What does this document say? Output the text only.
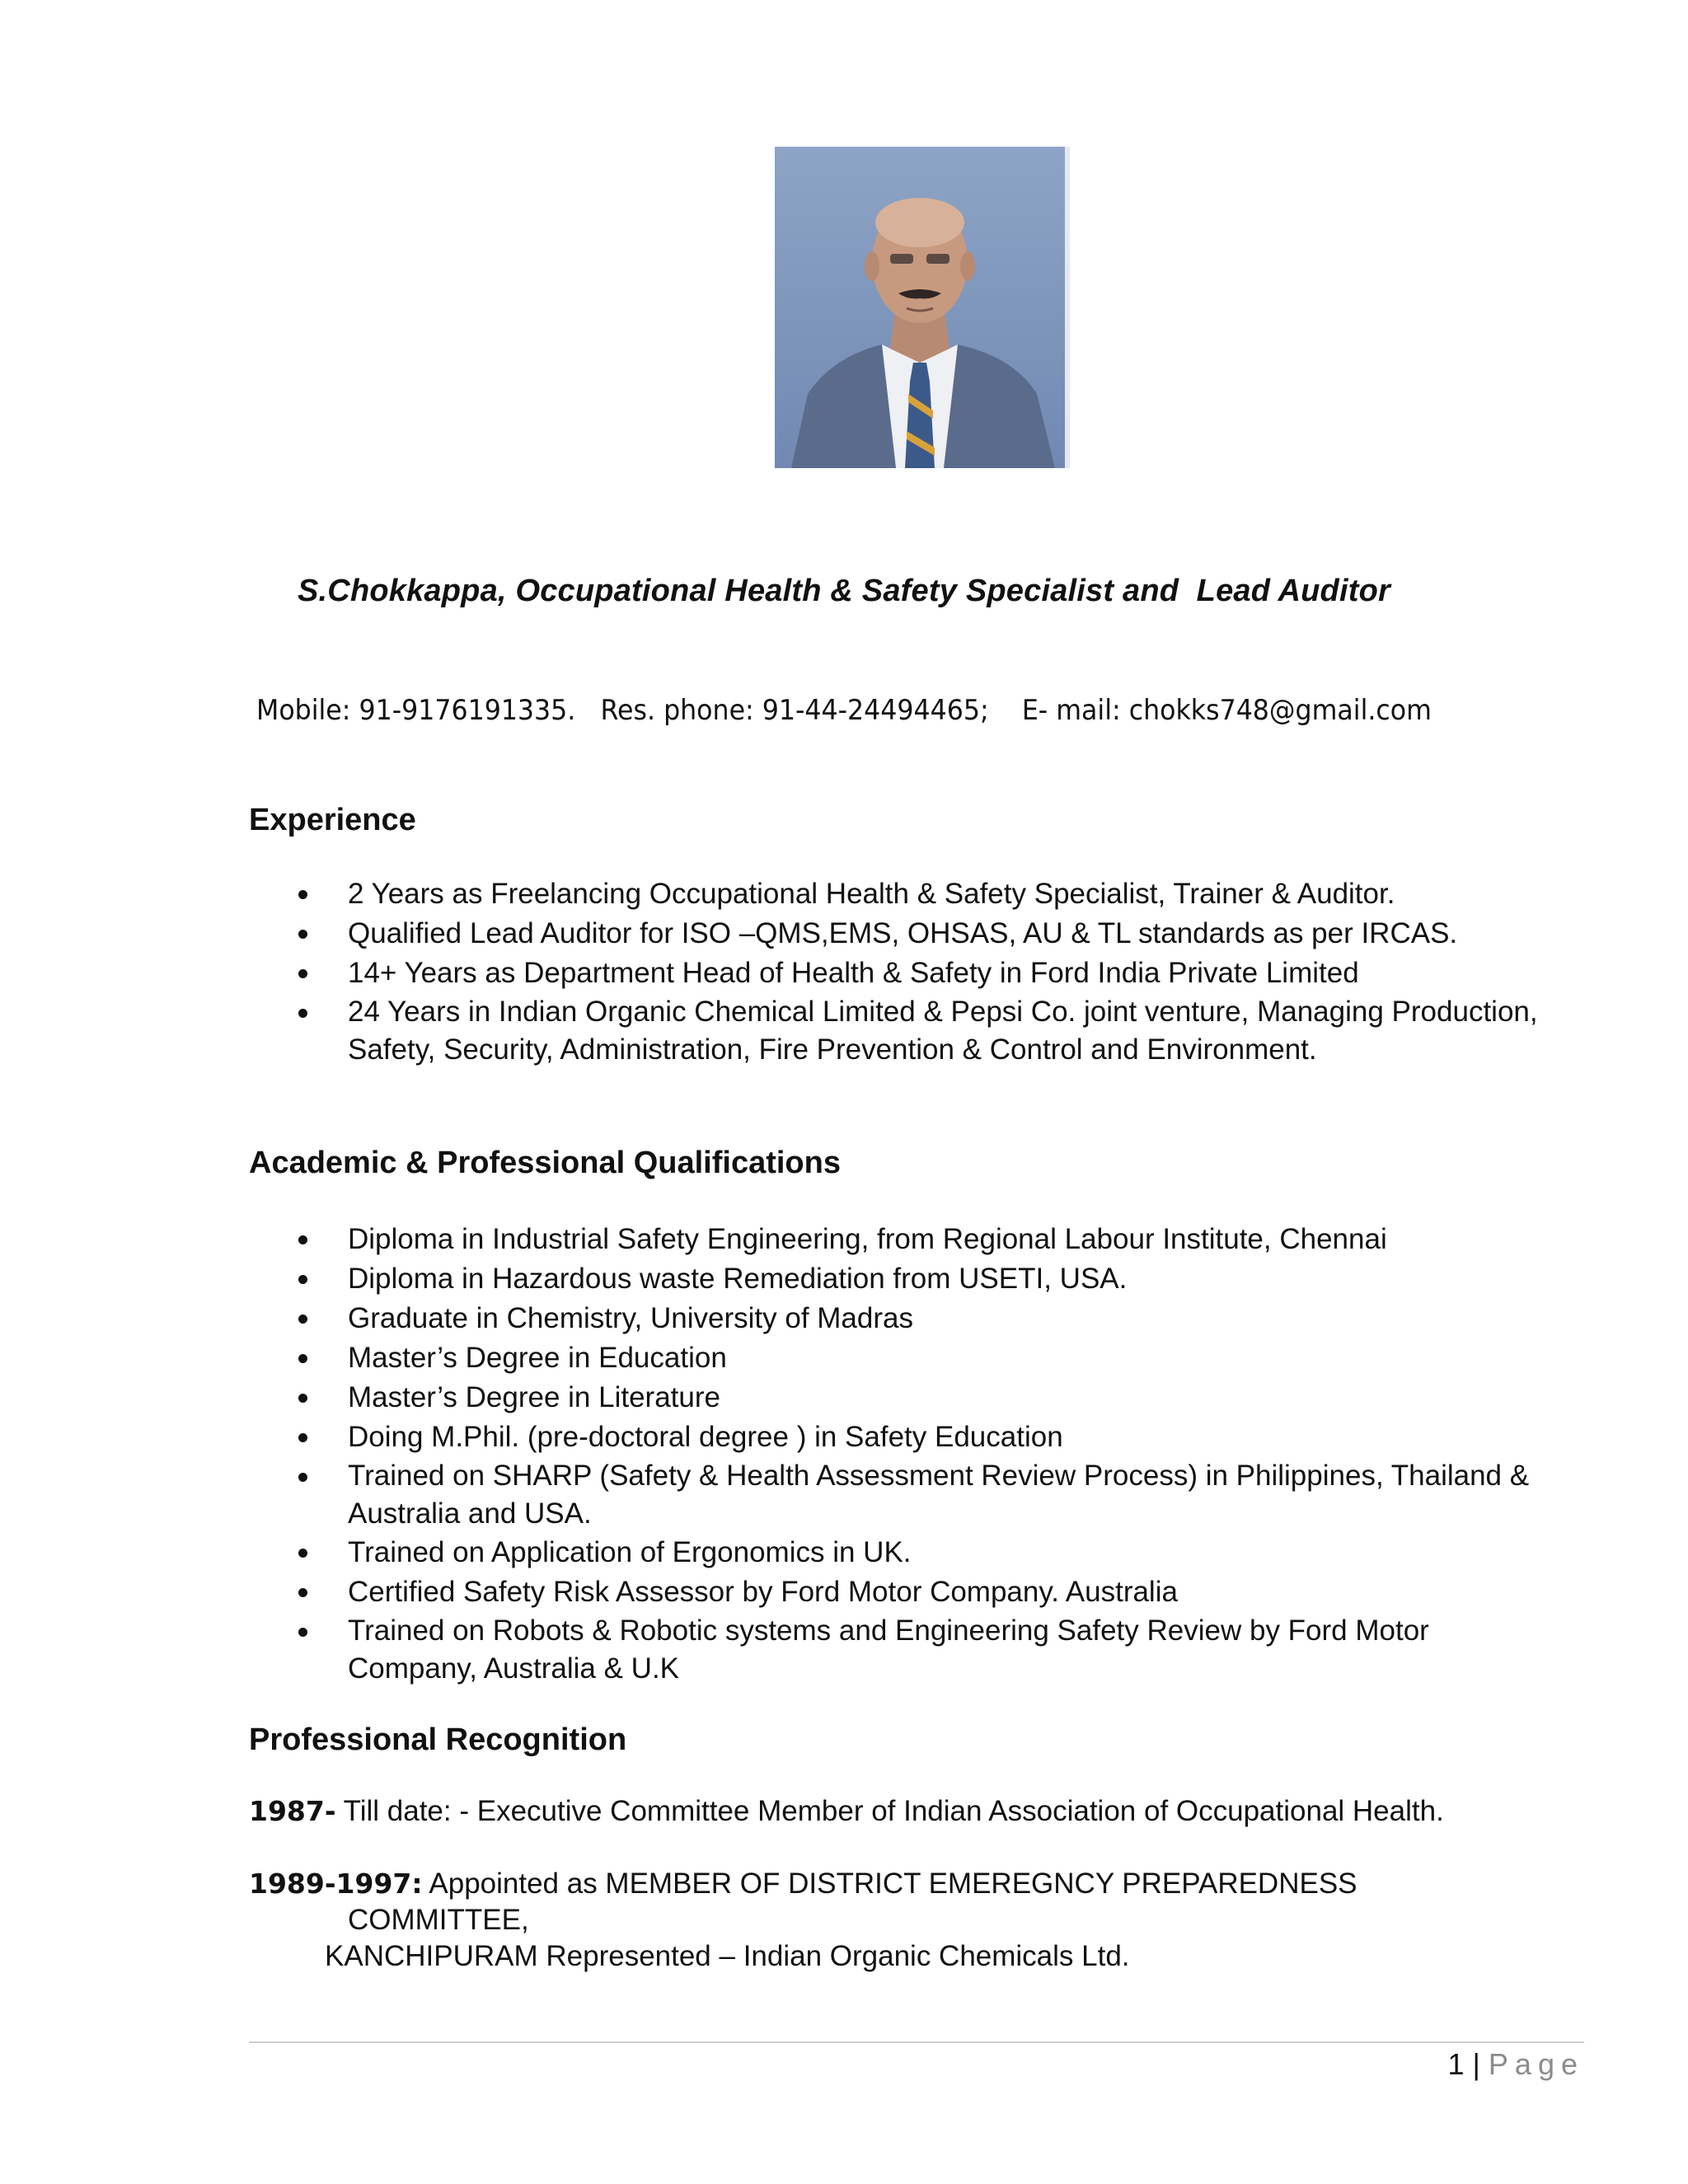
S.Chokkappa, Occupational Health & Safety Specialist and  Lead Auditor
Mobile: 91-9176191335.   Res. phone: 91-44-24494465;    E- mail: chokks748@gmail.com
Experience
2 Years as Freelancing Occupational Health & Safety Specialist, Trainer & Auditor.
Qualified Lead Auditor for ISO –QMS,EMS, OHSAS, AU & TL standards as per IRCAS.
14+ Years as Department Head of Health & Safety in Ford India Private Limited
24 Years in Indian Organic Chemical Limited & Pepsi Co. joint venture, Managing Production, Safety, Security, Administration, Fire Prevention & Control and Environment.
Academic & Professional Qualifications
Diploma in Industrial Safety Engineering, from Regional Labour Institute, Chennai
Diploma in Hazardous waste Remediation from USETI, USA.
Graduate in Chemistry, University of Madras
Master’s Degree in Education
Master’s Degree in Literature
Doing M.Phil. (pre-doctoral degree ) in Safety Education
Trained on SHARP (Safety & Health Assessment Review Process) in Philippines, Thailand & Australia and USA.
Trained on Application of Ergonomics in UK.
Certified Safety Risk Assessor by Ford Motor Company. Australia
Trained on Robots & Robotic systems and Engineering Safety Review by Ford Motor Company, Australia & U.K
Professional Recognition
1987- Till date: - Executive Committee Member of Indian Association of Occupational Health.
1989-1997: Appointed as MEMBER OF DISTRICT EMEREGNCY PREPAREDNESS
COMMITTEE,
KANCHIPURAM Represented – Indian Organic Chemicals Ltd.
1 | Page
